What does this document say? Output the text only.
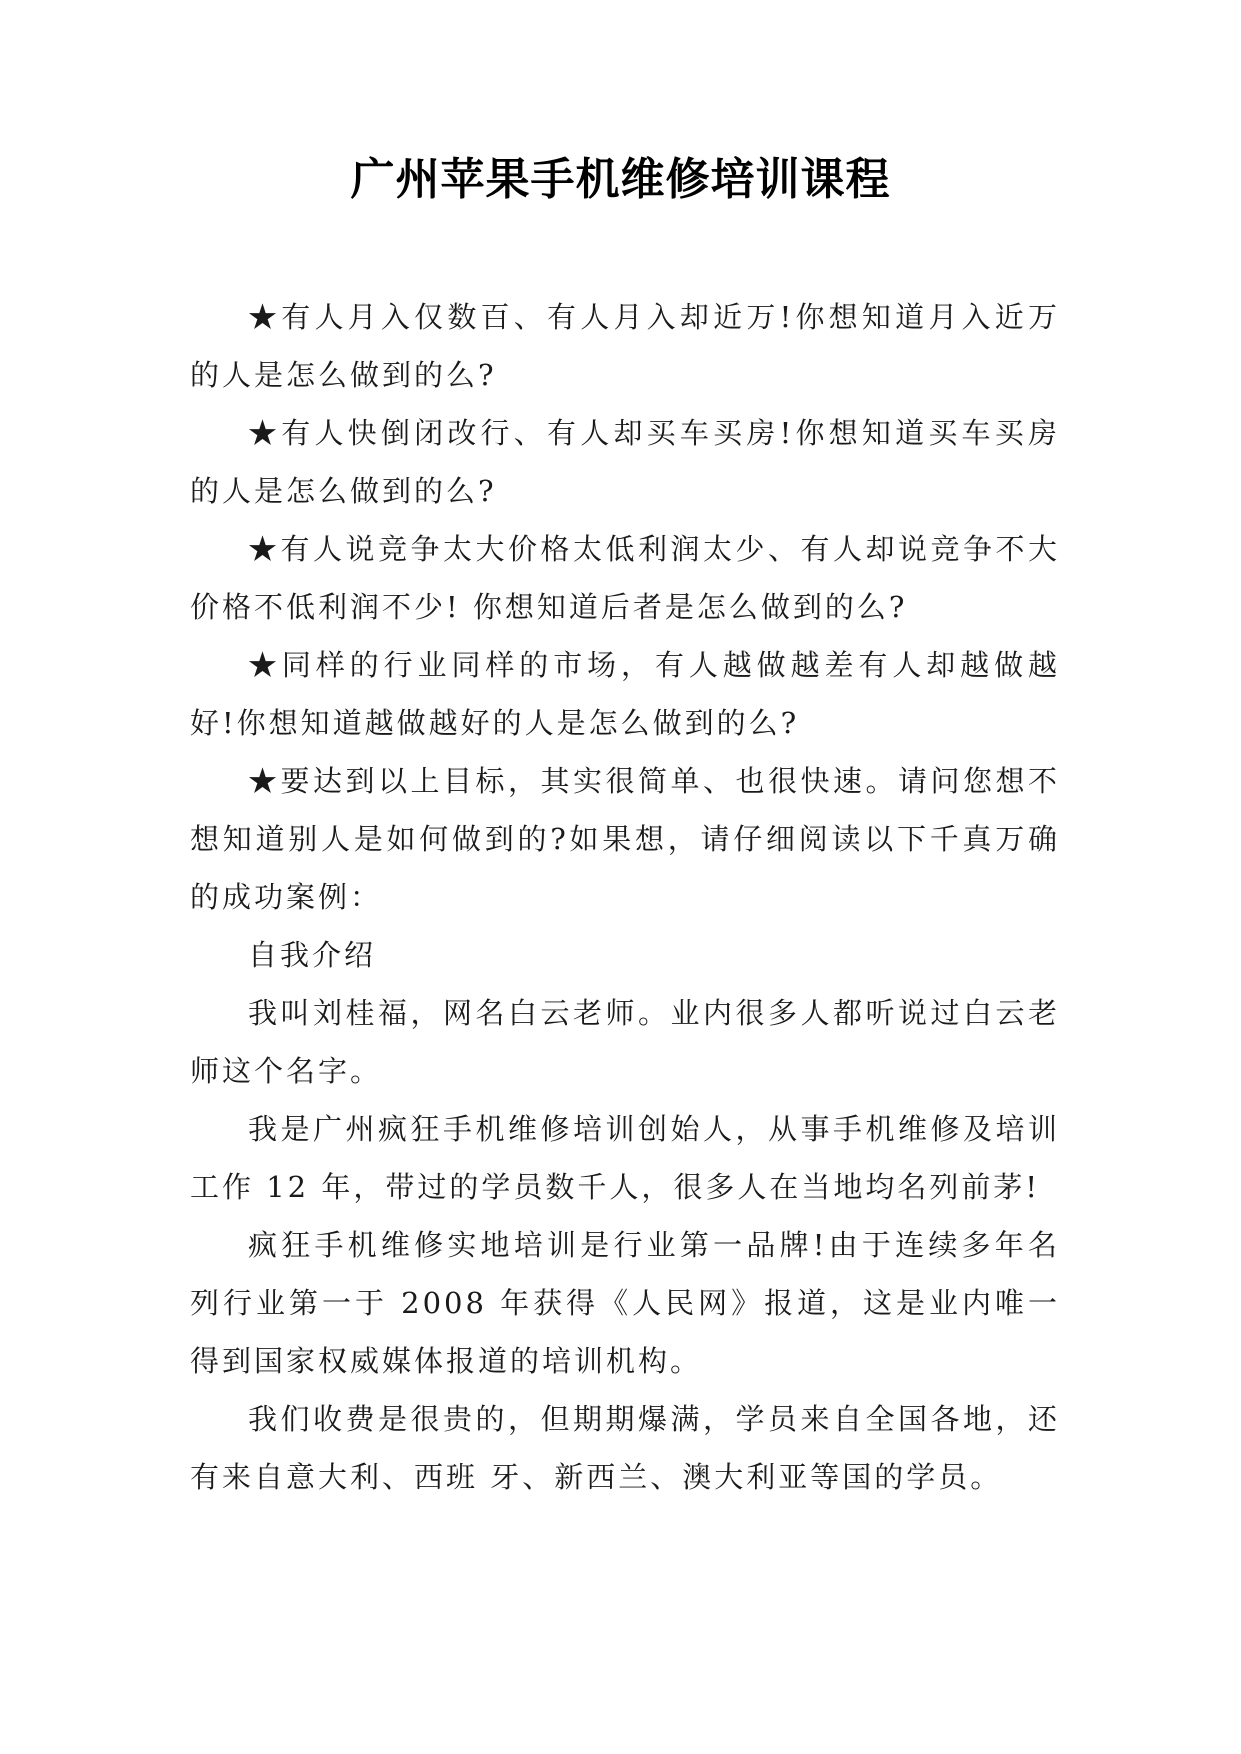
广州苹果手机维修培训课程

★有人月入仅数百、有人月入却近万!你想知道月入近万的人是怎么做到的么?

★有人快倒闭改行、有人却买车买房!你想知道买车买房的人是怎么做到的么?

★有人说竞争太大价格太低利润太少、有人却说竞争不大价格不低利润不少! 你想知道后者是怎么做到的么?

★同样的行业同样的市场，有人越做越差有人却越做越好!你想知道越做越好的人是怎么做到的么?

★要达到以上目标，其实很简单、也很快速。请问您想不想知道别人是如何做到的?如果想，请仔细阅读以下千真万确的成功案例：

自我介绍

我叫刘桂福，网名白云老师。业内很多人都听说过白云老师这个名字。

我是广州疯狂手机维修培训创始人，从事手机维修及培训工作 12 年，带过的学员数千人，很多人在当地均名列前茅!

疯狂手机维修实地培训是行业第一品牌!由于连续多年名列行业第一于 2008 年获得《人民网》报道，这是业内唯一得到国家权威媒体报道的培训机构。

我们收费是很贵的，但期期爆满，学员来自全国各地，还有来自意大利、西班 牙、新西兰、澳大利亚等国的学员。
